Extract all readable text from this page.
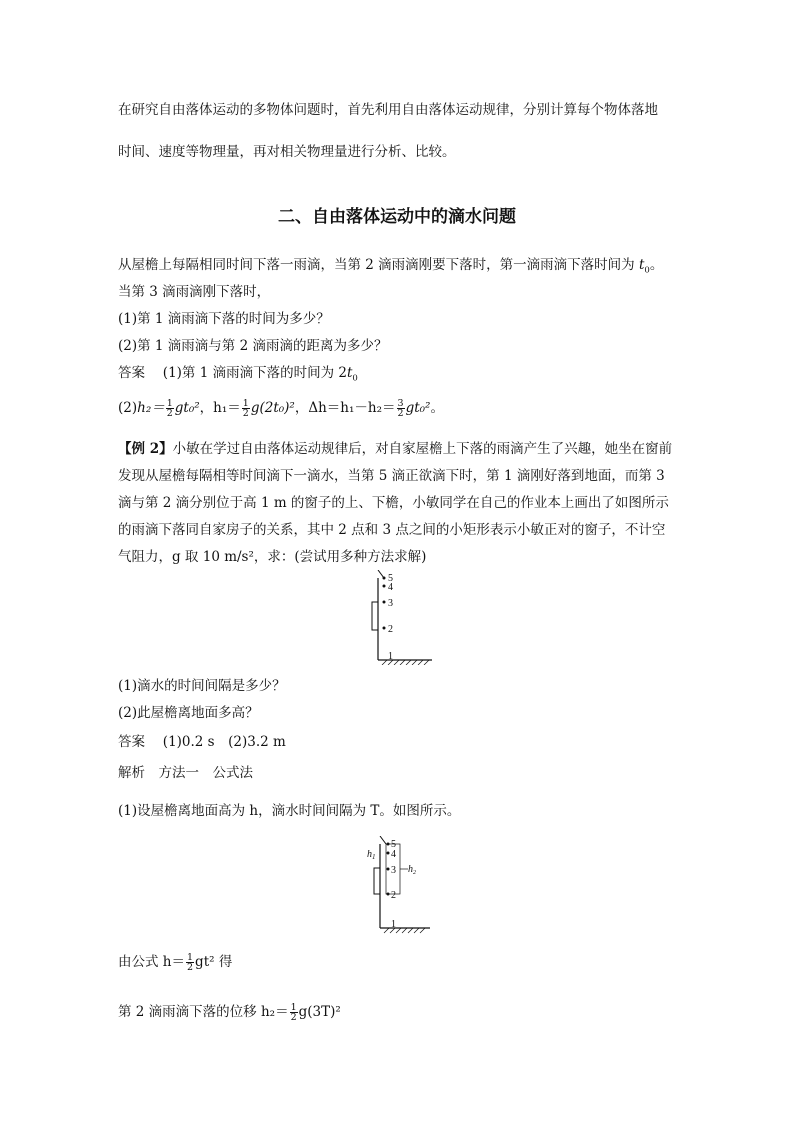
在研究自由落体运动的多物体问题时，首先利用自由落体运动规律，分别计算每个物体落地
时间、速度等物理量，再对相关物理量进行分析、比较。
二、自由落体运动中的滴水问题
从屋檐上每隔相同时间下落一雨滴，当第 2 滴雨滴刚要下落时，第一滴雨滴下落时间为 $t_0$。
当第 3 滴雨滴刚下落时，
(1)第 1 滴雨滴下落的时间为多少？
(2)第 1 滴雨滴与第 2 滴雨滴的距离为多少？
答案　 (1)第 1 滴雨滴下落的时间为 $2t_0$
$(2)h_2= \frac{1}{2} gt_0^2$，$h_1= \frac{1}{2} g(2t_0)^2$，$\Delta h=h_1-h_2= \frac{3}{2} gt_0^2$。
【例 2】小敏在学过自由落体运动规律后，对自家屋檐上下落的雨滴产生了兴趣，她坐在窗前
发现从屋檐每隔相等时间滴下一滴水，当第 5 滴正欲滴下时，第 1 滴刚好落到地面，而第 3
滴与第 2 滴分别位于高 1 m 的窗子的上、下檐，小敏同学在自己的作业本上画出了如图所示
的雨滴下落同自家房子的关系，其中 2 点和 3 点之间的小矩形表示小敏正对的窗子，不计空
气阻力，g 取 10 m/s²，求：(尝试用多种方法求解)
5
4
3
2
1
(1)滴水的时间间隔是多少？
(2)此屋檐离地面多高？
答案　 (1)0.2 s　(2)3.2 m
解析　方法一　公式法
(1)设屋檐离地面高为 h，滴水时间间隔为 T。如图所示。
5
4
3
2
1
$h_1$
$h_2$
由公式 $h= \frac{1}{2} gt^2$ 得
第 2 滴雨滴下落的位移 $h_2= \frac{1}{2} g(3T)^2$
